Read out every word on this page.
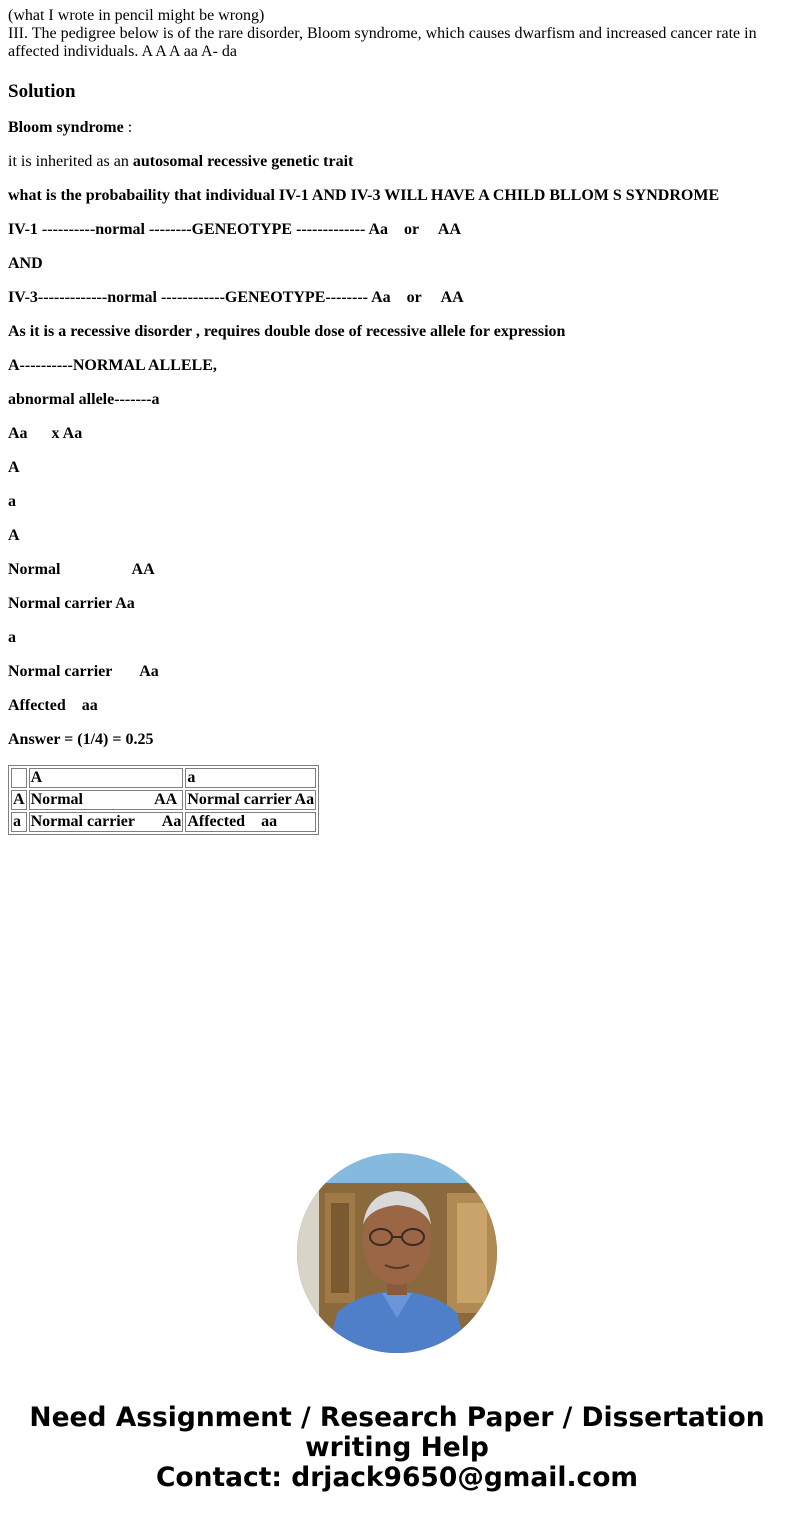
(what I wrote in pencil might be wrong)
III. The pedigree below is of the rare disorder, Bloom syndrome, which causes dwarfism and increased cancer rate in affected individuals. A A A aa A- da
Solution

Bloom syndrome :

it is inherited as an autosomal recessive genetic trait

what is the probabaility that individual IV-1 AND IV-3 WILL HAVE A CHILD BLLOM S SYNDROME

IV-1 ----------normal --------GENEOTYPE ------------- Aa    or     AA

AND

IV-3-------------normal ------------GENEOTYPE-------- Aa    or     AA

As it is a recessive disorder , requires double dose of recessive allele for expression

A----------NORMAL ALLELE,

abnormal allele-------a

Aa      x Aa

A

a

A

Normal                  AA

Normal carrier Aa

a

Normal carrier       Aa

Affected    aa

Answer = (1/4) = 0.25

	A	a
A	Normal                  AA	Normal carrier Aa
a	Normal carrier       Aa	Affected    aa
Need Assignment / Research Paper / Dissertation
writing Help
Contact: drjack9650@gmail.com
